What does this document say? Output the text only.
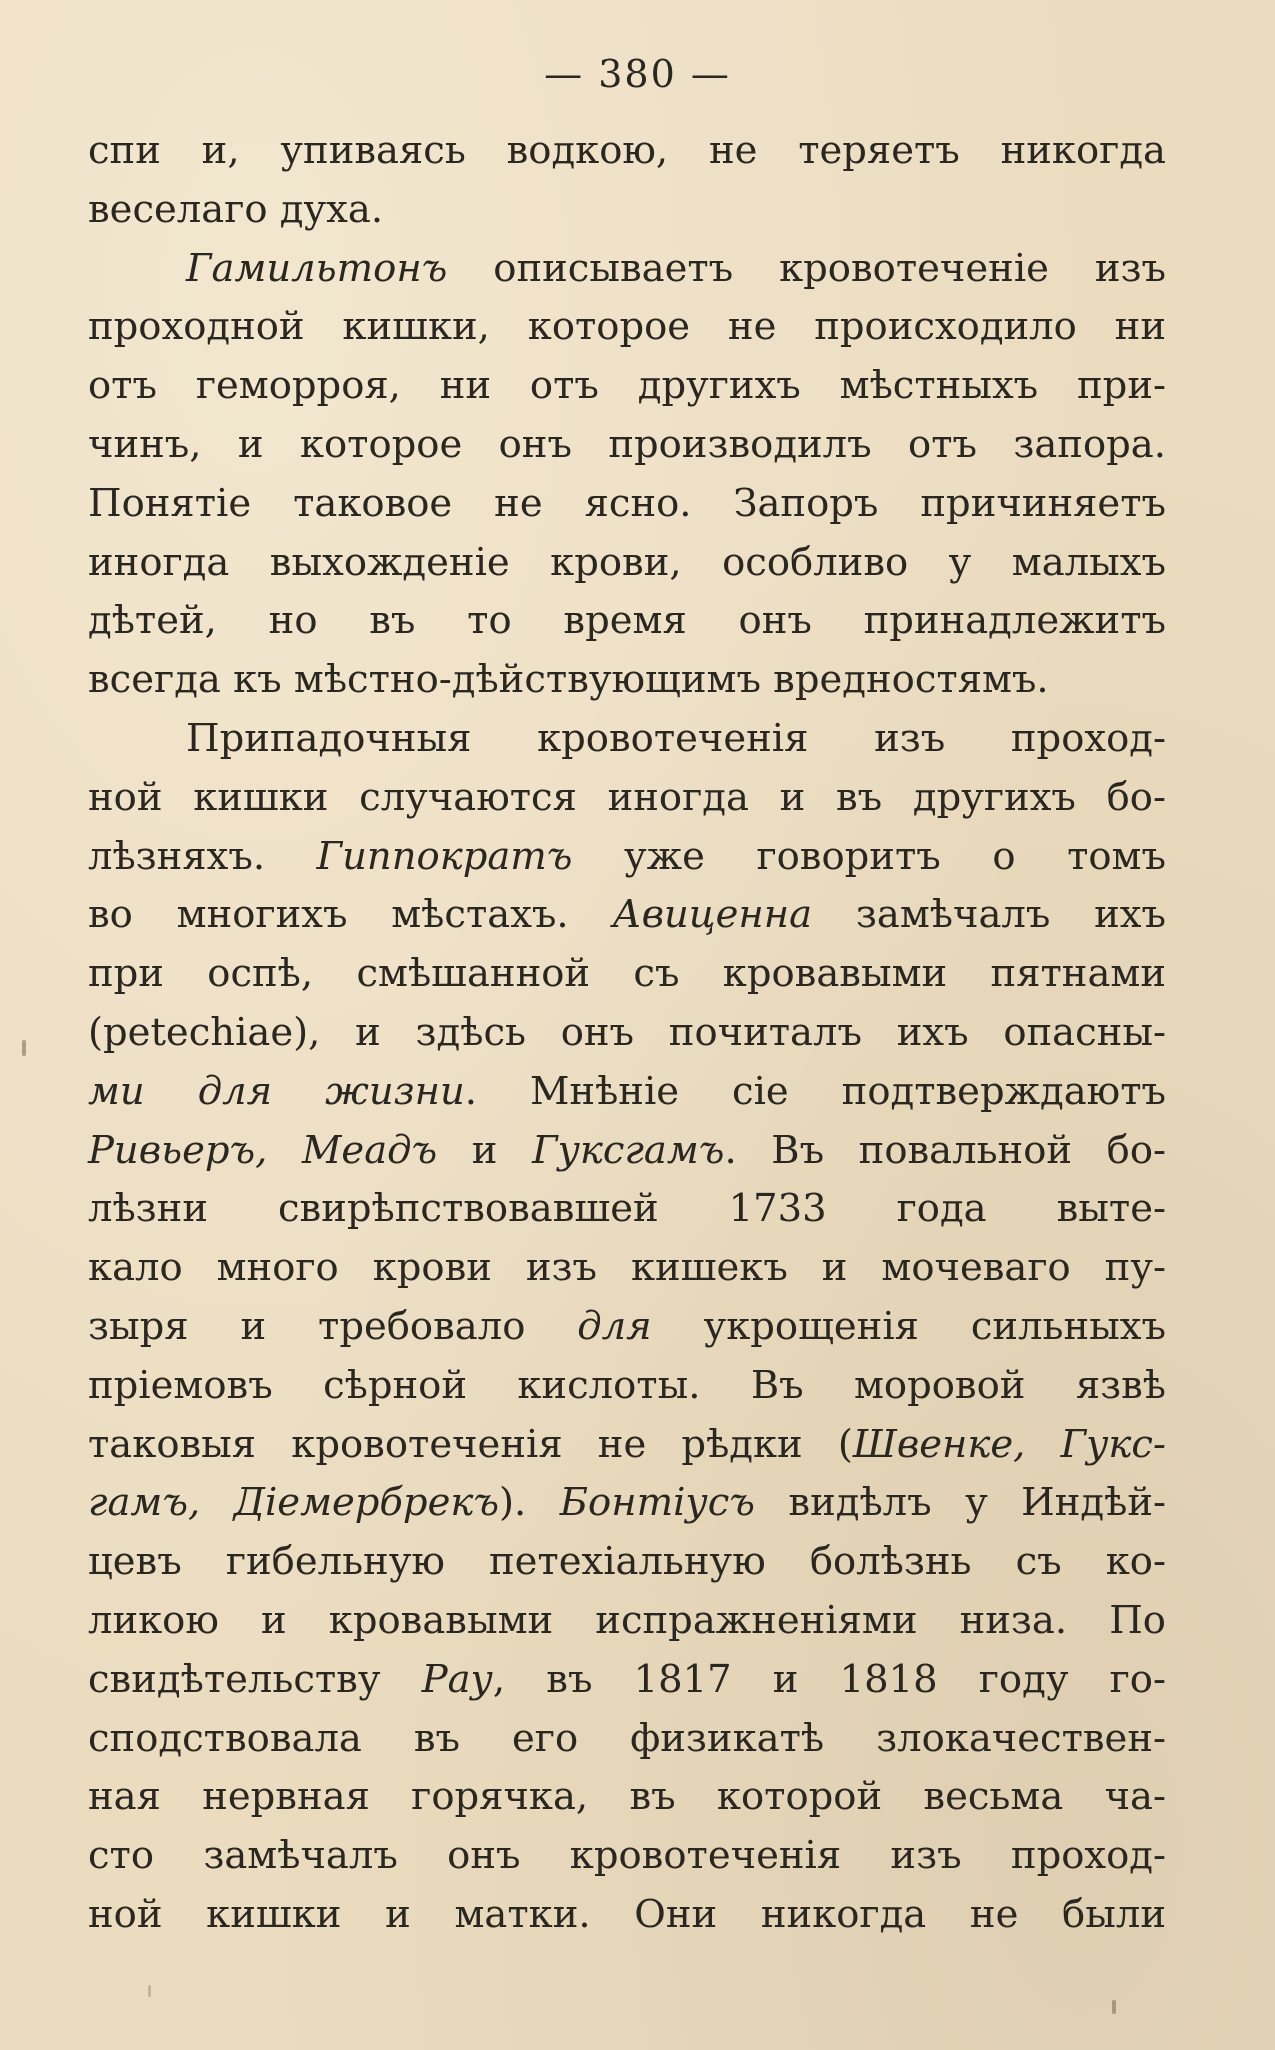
— 380 —
спи и, упиваясь водкою, не теряетъ никогда
веселаго духа.
Гамильтонъ описываетъ кровотеченіе изъ
проходной кишки, которое не происходило ни
отъ геморроя, ни отъ другихъ мѣстныхъ при-
чинъ, и которое онъ производилъ отъ запора.
Понятіе таковое не ясно. Запоръ причиняетъ
иногда выхожденіе крови, особливо у малыхъ
дѣтей, но въ то время онъ принадлежитъ
всегда къ мѣстно-дѣйствующимъ вредностямъ.
Припадочныя кровотеченія изъ проход-
ной кишки случаются иногда и въ другихъ бо-
лѣзняхъ. Гиппократъ уже говоритъ о томъ
во многихъ мѣстахъ. Авиценна замѣчалъ ихъ
при оспѣ, смѣшанной съ кровавыми пятнами
(petechiae), и здѣсь онъ почиталъ ихъ опасны-
ми для жизни. Мнѣніе сіе подтверждаютъ
Ривьеръ, Меадъ и Гуксгамъ. Въ повальной бо-
лѣзни свирѣпствовавшей 1733 года выте-
кало много крови изъ кишекъ и мочеваго пу-
зыря и требовало для укрощенія сильныхъ
пріемовъ сѣрной кислоты. Въ моровой язвѣ
таковыя кровотеченія не рѣдки (Швенке, Гукс-
гамъ, Діемербрекъ). Бонтіусъ видѣлъ у Индѣй-
цевъ гибельную петехіальную болѣзнь съ ко-
ликою и кровавыми испражненіями низа. По
свидѣтельству Рау, въ 1817 и 1818 году го-
сподствовала въ его физикатѣ злокачествен-
ная нервная горячка, въ которой весьма ча-
сто замѣчалъ онъ кровотеченія изъ проход-
ной кишки и матки. Они никогда не были
